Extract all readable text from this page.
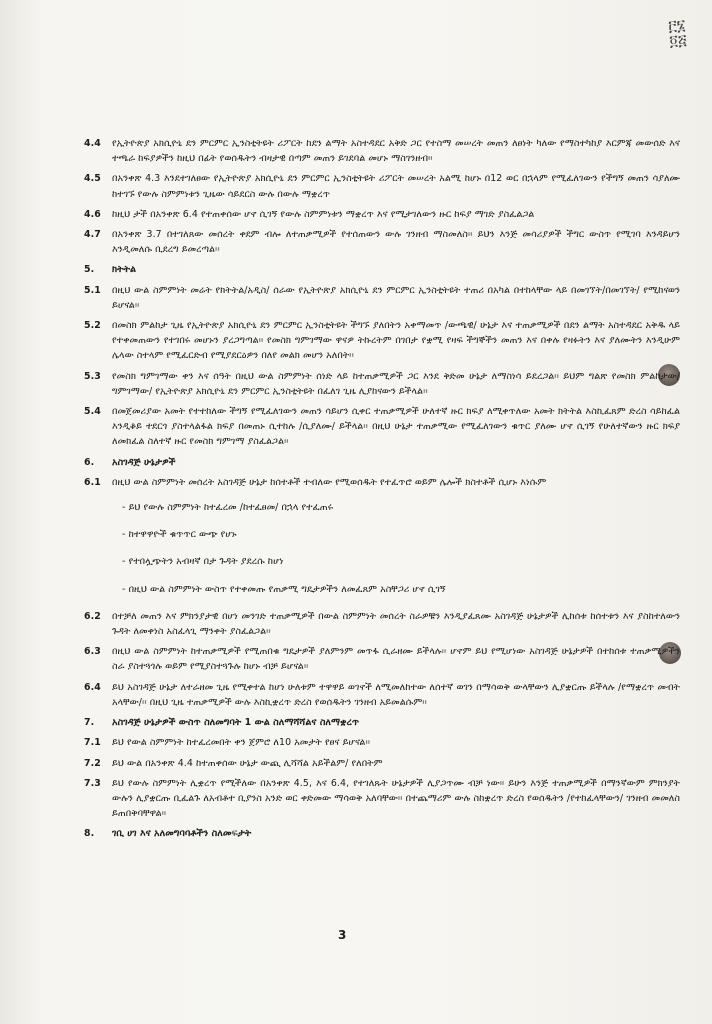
፫፮
፬፭
4.4	የኢትዮጵያ አክሲዮኒ ደን ምርምር ኢንስቲትዩት ሪፖርት ከደን ልማት አስተዳደር አቅድ ጋር የተስማ መሠረት መጠን ለፀነት ካለው የማስተካከያ እርምጃ መውሰድ እና ተጫራ ከፍያዎችን ከዚህ በፊት የወሰዱትን ብዛታዊ በጣም መጠን ይገደባል መሆኑ ማስገንዘብ፡፡
4.5	በአንቀጽ 4.3 እንደተገለፀው የኢትዮጵያ አክሲዮኒ ደን ምርምር ኢንስቲትዩት ሪፖርት መሠረት አልሚ ከሆኑ በ12 ወር በኋላም የሚፈለገውን የችግኝ መጠን ሳያለሙ ከተገኙ የውሉ ስምምነቱን ጊዜው ሳይደርስ ውሉ በውሉ ማቋረጥ
4.6	ከዚህ ታች በአንቀጽ 6.4 የተጠቀሰው ሆኖ ሲገኝ የውሉ ስምምነቱን ማቋረጥ እና የሚታገለውን ዙር ከፍያ ማገድ ያስፈልጋል
4.7	በአንቀጽ 3.7 በተገለጸው መሰረት ቀደም ብሎ ለተጠቃሚዎች የተሰጠውን ውሉ ገንዘብ ማስመለስ፡፡ ይህን እንጅ መሳሪያዎች ችግር ውስጥ የሚገባ እንዳይሆን እንዲመለሱ ቢደረግ ይመረጣል፡፡
5.	ክትትል
5.1	በዚህ ውል ስምምነት መሬት የክትትል/አዲስ/ ሰራው የኢትዮጵያ አክሲዮኒ ደን ምርምር ኢንስቲትዩት ተጠሪ በአካል በተከላቸው ላይ በመገኘት/በመገኘት/ የሚከናወን ይሆናል፡፡
5.2	በመስክ ምልከታ ጊዜ የኢትዮጵያ አክሲዮኒ ደን ምርምር ኢንስቲትዩት ችግኙ ያለበትን አቀማመጥ /ውጫዊ/ ሁኔታ እና ተጠቃሚዎች በደን ልማት አስተዳደር አቅዱ ላይ የተቀመጠውን የተገበሩ መሆኑን ያረጋግጣል፡፡ የመስክ ግምገማው ዋናዎ ትኩረትም በገበታ የቋሚ የዛፍ ችግኞችን መጠን እና በቀሉ የዛፉትን እና ያለሙትን እንዲሁም ሌላው ስተላም የሚፈርድብ የሚያደርዕዎን በለየ መልክ መሆን አለበት፡፡
5.3	የመስክ ግምገማው ቀን እና ሰዓት በዚህ ውል ስምምነት ሰነድ ላይ ከተጠቃሚዎች ጋር እንደ ቅድመ ሁኔታ ለማስነሳ ይደረጋል፡፡ ይህም ግልጽ የመስክ ምልከታው/ግምገማው/ የኢትዮጵያ አክሲዮኒ ደን ምርምር ኢንስቲትዩት በፈለገ ጊዜ ሊያከናውን ይችላል፡፡
5.4	በመጀመሪያው አመት የተተከለው ችግኝ የሚፈለገውን መጠን ሳይሆን ሲቀር ተጠቃሚዎች ሁለተኛ ዙር ክፍያ ለሚቀጥለው አመት ክትትል እስኪፈጸም ድረስ ሳይከፈል እንዲቆይ ተደርጎ ያስተላልፋል ክፍያ በመጠኑ ሲተከሉ /ሲያለሙ/ ይችላል፡፡ በዚህ ሁኔታ ተጠቃሚው የሚፈለገውን ቁጥር ያለሙ ሆኖ ሲገኝ የሁለተኛውን ዙር ክፍያ ለመክፈል ስለተኛ ዙር የመስክ ግምገማ ያስፈልጋል፡፡
6.	አስገዳጅ ሁኔታዎች
6.1	በዚህ ውል ስምምነት መሰረት አስገዳጅ ሁኔታ ከሰተቶች ተብለው የሚወሰዱት የተፈጥሮ ወይም ሌሎች ክስተቶች ሲሆኑ እነሱም
- ይህ የውሉ ስምምነት ከተፈረመ /ከተፈፀመ/ በኋላ የተፈጠሩ
- ከተዋዋዮች ቁጥጥር ውጭ የሆኑ
- የተበሏጭትን አብዛኛ በታ ጉዳት ያደረሱ ከሆነ
- በዚህ ውል ስምምነት ውስጥ የተቀመጡ የጠቃሚ ግዴታዎችን ለመፈጸም አስቸጋሪ ሆኖ ሲገኝ
6.2	በተቻለ መጠን እና ምክንያታዊ በሆነ መንገድ ተጠቃሚዎች በውል ስምምነት መሰረት ስራዎቹን እንዲያፈጸሙ አስገዳጅ ሁኔታዎች ሊከሰቱ ከሰተቱን እና ያስከተለውን ጉዳት ለመቀነስ አስፈላጊ ማንቀት ያስፈልጋል፡፡
6.3	በዚህ ውል ስምምነት ከተጠቃሚዎች የሚጠበቁ ግዴታዎች ያለምንም መጥፋ ሲራዘሙ ይችላሉ፡፡ ሆኖም ይህ የሚሆነው አስገዳጅ ሁኔታዎች በተከሰቱ ተጠቃሚዎችን ስራ ያስተጓጎሉ ወይም የሚያስተጓጉሉ ከሆኑ ብቻ ይሆናል፡፡
6.4	ይህ አስገዳጅ ሁኔታ ለተራዘመ ጊዜ የሚቀተል ከሆነ ሁለቱም ተዋዋይ ወገኖች ለሚመለከተው ለሰተኛ ወገን በማሳወቅ ውላቸውን ሊያቋርጡ ይችላሉ /የማቋረጥ መብት አላቸው/፡፡ በዚህ ጊዜ ተጠቃሚዎች ውሉ እስኪቋረጥ ድረስ የወሰዱትን ገንዘብ አይመልሱም፡፡
7.	አስገዳጅ ሁኔታዎች ውስጥ ስለመግባት 1 ውል ስለማሻሻልና ስለማቋረጥ
7.1	ይህ የውል ስምምነት ከተፈረመበት ቀን ጀምሮ ለ10 አመታት የፀና ይሆናል፡፡
7.2	ይህ ውል በአንቀጽ 4.4 ከተጠቀሰው ሁኔታ ውጪ ሊሻሻል አይችልም/ የለበትም
7.3	ይህ የውሉ ስምምነት ሊቋረጥ የሚችለው በአንቀጽ 4.5, እና 6.4, የተገለጹት ሁኔታዎች ሊያጋጥሙ ብቻ ነው፡፡ ይሁን እንጅ ተጠቃሚዎች በማንኛውም ምክንያት ውሉን ሊያቋርጡ ቢፈልጉ ለአብቶተ ቢያንስ አንድ ወር ቀድመው ማሳወቅ አለባቸው፡፡ በተጨማሪም ውሉ ስከቋረጥ ድረስ የወሰዱትን /የተከፈላቸውን/ ገንዘብ መመለስ ይጠበቅባቸዋል፡፡
8.	ገቢ ሀገ እና አለመግባባቶችን ስለመፍታት
3
